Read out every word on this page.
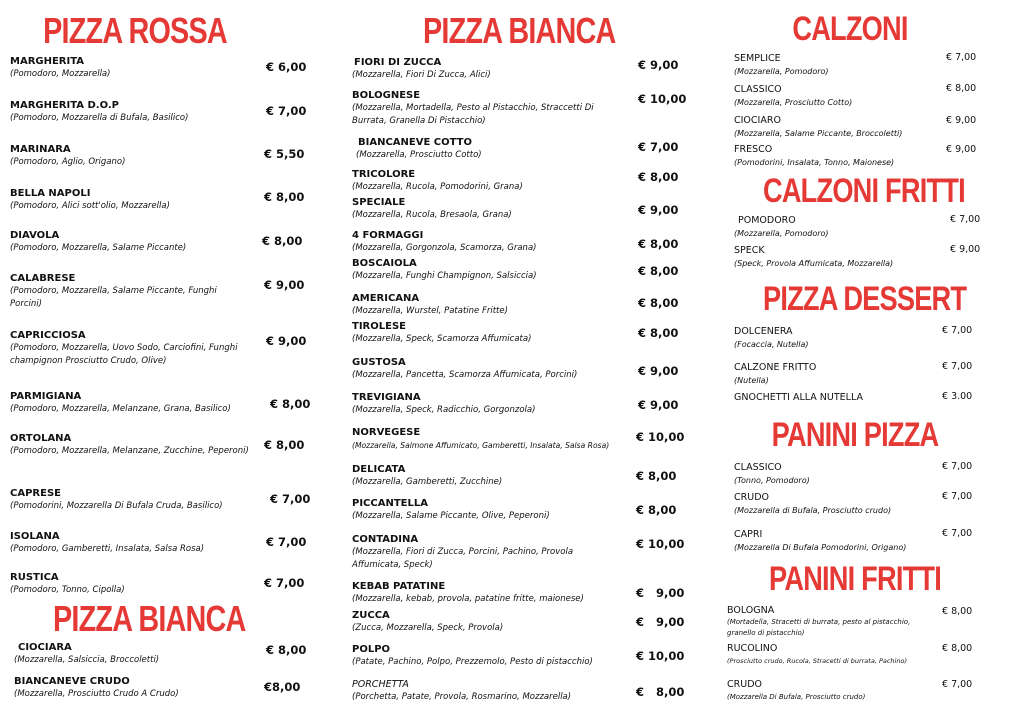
PIZZA ROSSA
MARGHERITA
(Pomodoro, Mozzarella)	€ 6,00
MARGHERITA D.O.P
(Pomodoro, Mozzarella di Bufala, Basilico)	€ 7,00
MARINARA
(Pomodoro, Aglio, Origano)
€ 5,50
BELLA NAPOLI
(Pomodoro, Alici sott'olio, Mozzarella)
€ 8,00
DIAVOLA
(Pomodoro, Mozzarella, Salame Piccante)	€ 8,00
CALABRESE
(Pomodoro, Mozzarella, Salame Piccante, Funghi Porcini)
€ 9,00
CAPRICCIOSA
(Pomodoro, Mozzarella, Uovo Sodo, Carciofini, Funghi champignon Prosciutto Crudo, Olive)
€ 9,00
PARMIGIANA
(Pomodoro, Mozzarella, Melanzane, Grana, Basilico)	€ 8,00
ORTOLANA
(Pomodoro, Mozzarella, Melanzane, Zucchine, Peperoni) € 8,00
CAPRESE
(Pomodorini, Mozzarella Di Bufala Cruda, Basilico)	€ 7,00
ISOLANA
(Pomodoro, Gamberetti, Insalata, Salsa Rosa)	€ 7,00
RUSTICA
(Pomodoro, Tonno, Cipolla)	€ 7,00
PIZZA BIANCA
CIOCIARA
(Mozzarella, Salsiccia, Broccoletti)
€ 8,00
BIANCANEVE CRUDO
(Mozzarella, Prosciutto Crudo A Crudo)	€8,00
PIZZA BIANCA
FIORI DI ZUCCA
(Mozzarella, Fiori Di Zucca, Alici)
€ 9,00
BOLOGNESE
(Mozzarella, Mortadella, Pesto al Pistacchio, Straccetti Di Burrata, Granella Di Pistacchio)
€ 10,00
BIANCANEVE COTTO
(Mozzarella, Prosciutto Cotto)
€ 7,00
TRICOLORE
(Mozzarella, Rucola, Pomodorini, Grana)
€ 8,00
SPECIALE
(Mozzarella, Rucola, Bresaola, Grana)	€ 9,00
4 FORMAGGI
(Mozzarella, Gorgonzola, Scamorza, Grana)	€ 8,00
BOSCAIOLA
(Mozzarella, Funghi Champignon, Salsiccia)	€ 8,00
AMERICANA
(Mozzarella, Wurstel, Patatine Fritte)
€ 8,00
TIROLESE
(Mozzarella, Speck, Scamorza Affumicata)	€ 8,00
GUSTOSA
(Mozzarella, Pancetta, Scamorza Affumicata, Porcini)	€ 9,00
TREVIGIANA
(Mozzarella, Speck, Radicchio, Gorgonzola)	€ 9,00
NORVEGESE
(Mozzarella, Salmone Affumicato, Gamberetti, Insalata, Salsa Rosa)
€ 10,00
DELICATA
(Mozzarella, Gamberetti, Zucchine)	€ 8,00
PICCANTELLA
(Mozzarella, Salame Piccante, Olive, Peperoni)	€ 8,00
CONTADINA
(Mozzarella, Fiori di Zucca, Porcini, Pachino, Provola Affumicata, Speck)
€ 10,00
KEBAB PATATINE
(Mozzarella, kebab, provola, patatine fritte, maionese)	€ 9,00
ZUCCA
(Zucca, Mozzarella, Speck, Provola)	€ 9,00
POLPO
(Patate, Pachino, Polpo, Prezzemolo, Pesto di pistacchio)	€ 10,00
PORCHETTA
(Porchetta, Patate, Provola, Rosmarino, Mozzarella)	€ 8,00
CALZONI
SEMPLICE
(Mozzarella, Pomodoro)
€ 7,00
CLASSICO
(Mozzarella, Prosciutto Cotto)
€ 8,00
CIOCIARO
(Mozzarella, Salame Piccante, Broccoletti)
€ 9,00
FRESCO
(Pomodorini, Insalata, Tonno, Maionese)
€ 9,00
CALZONI FRITTI
POMODORO
(Mozzarella, Pomodoro)
€ 7,00
SPECK
(Speck, Provola Affumicata, Mozzarella)
€ 9,00
PIZZA DESSERT
DOLCENERA
(Focaccia, Nutella)
€ 7,00
CALZONE FRITTO
(Nutella)
€ 7,00
GNOCHETTI ALLA NUTELLA	€ 3.00
PANINI PIZZA
CLASSICO
(Tonno, Pomodoro)
€ 7,00
CRUDO
(Mozzarella di Bufala, Prosciutto crudo)
€ 7,00
CAPRI
(Mozzarella Di Bufala Pomodorini, Origano)
€ 7,00
PANINI FRITTI
BOLOGNA
(Mortadella, Stracetti di burrata, pesto al pistacchio, granello di pistacchio)
€ 8,00
RUCOLINO
(Prosciutto crudo, Rucola, Stracetti di burrata, Pachino)
€ 8,00
CRUDO
(Mozzarella Di Bufala, Prosciutto crudo)
€ 7,00
